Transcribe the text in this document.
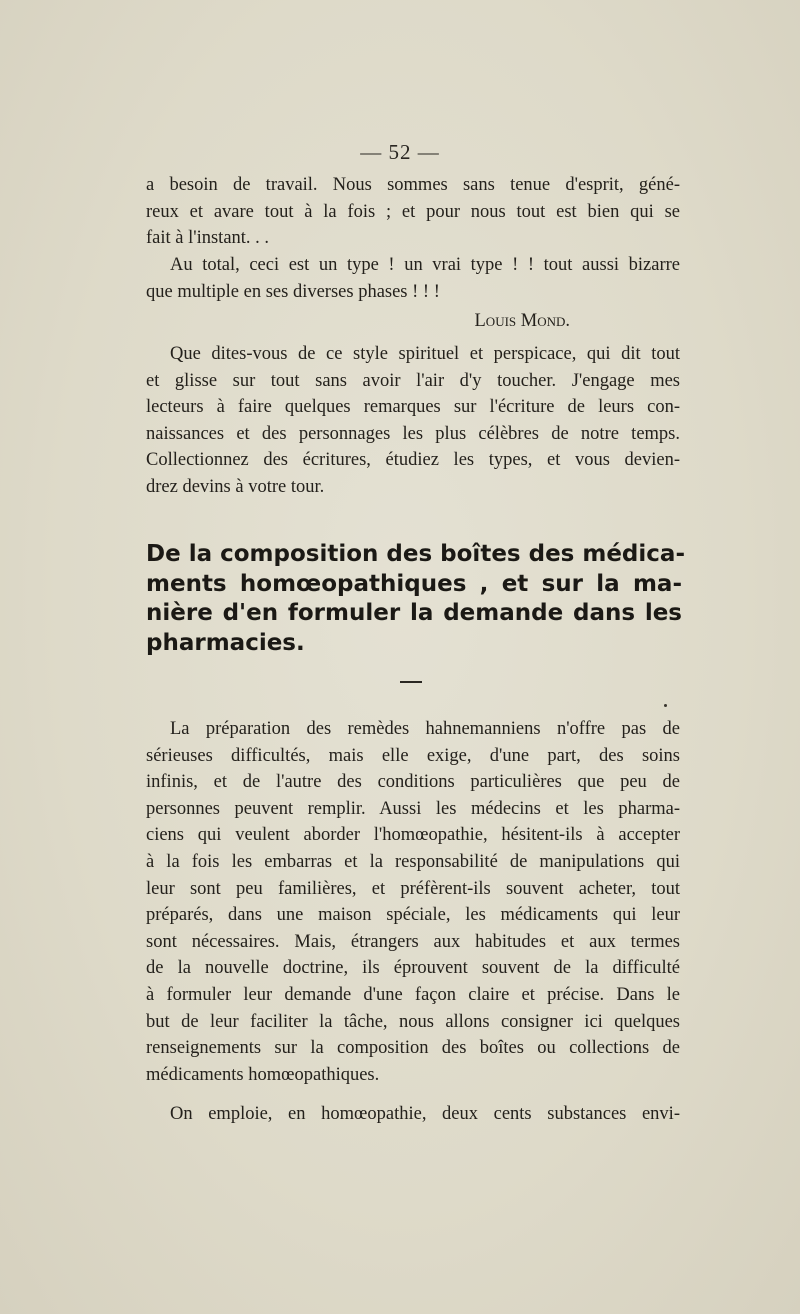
— 52 —
a besoin de travail. Nous sommes sans tenue d'esprit, géné-
reux et avare tout à la fois ; et pour nous tout est bien qui se
fait à l'instant. . .
Au total, ceci est un type ! un vrai type ! ! tout aussi bizarre
que multiple en ses diverses phases ! ! !
Louis Mond.
Que dites-vous de ce style spirituel et perspicace, qui dit tout
et glisse sur tout sans avoir l'air d'y toucher. J'engage mes
lecteurs à faire quelques remarques sur l'écriture de leurs con-
naissances et des personnages les plus célèbres de notre temps.
Collectionnez des écritures, étudiez les types, et vous devien-
drez devins à votre tour.
De la composition des boîtes des médica-
ments homœopathiques , et sur la ma-
nière d'en formuler la demande dans les
pharmacies.
La préparation des remèdes hahnemanniens n'offre pas de
sérieuses difficultés, mais elle exige, d'une part, des soins
infinis, et de l'autre des conditions particulières que peu de
personnes peuvent remplir. Aussi les médecins et les pharma-
ciens qui veulent aborder l'homœopathie, hésitent-ils à accepter
à la fois les embarras et la responsabilité de manipulations qui
leur sont peu familières, et préfèrent-ils souvent acheter, tout
préparés, dans une maison spéciale, les médicaments qui leur
sont nécessaires. Mais, étrangers aux habitudes et aux termes
de la nouvelle doctrine, ils éprouvent souvent de la difficulté
à formuler leur demande d'une façon claire et précise. Dans le
but de leur faciliter la tâche, nous allons consigner ici quelques
renseignements sur la composition des boîtes ou collections de
médicaments homœopathiques.
On emploie, en homœopathie, deux cents substances envi-
